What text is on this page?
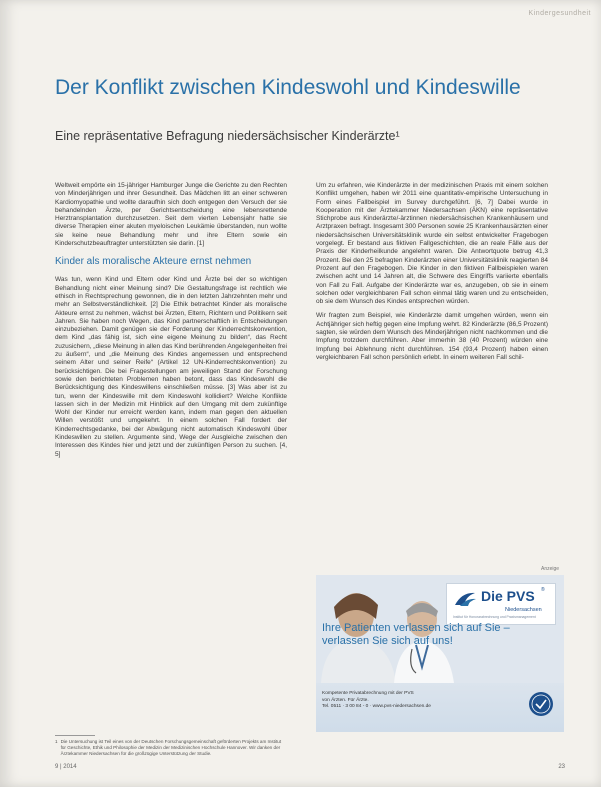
Kindergesundheit
Der Konflikt zwischen Kindeswohl und Kindeswille
Eine repräsentative Befragung niedersächsischer Kinderärzte¹

Weltweit empörte ein 15-jähriger Hamburger Junge die Gerichte zu den Rechten von Minderjährigen und ihrer Gesundheit. Das Mädchen litt an einer schweren Kardiomyopathie und wollte daraufhin sich doch entgegen den Versuch der sie behandelnden Ärzte, per Gerichtsentscheidung eine lebensrettende Herztransplantation durchzusetzen. Seit dem vierten Lebensjahr hatte sie diverse Therapien einer akuten myeloischen Leukämie überstanden, nun wollte sie keine neue Behandlung mehr und ihre Eltern sowie ein Kinderschutzbeauftragter unterstützten sie darin. [1]

Kinder als moralische Akteure ernst nehmen

Was tun, wenn Kind und Eltern oder Kind und Ärzte bei der so wichtigen Behandlung nicht einer Meinung sind? Die Gestaltungsfrage ist rechtlich wie ethisch in Rechtsprechung gewonnen, die in den letzten Jahrzehnten mehr und mehr an Selbstverständlichkeit. [2] Die Ethik betrachtet Kinder als moralische Akteure ernst zu nehmen, wächst bei Ärzten, Eltern, Richtern und Politikern seit Jahren. Sie haben noch Wegen, das Kind partnerschaftlich in Entscheidungen einzubeziehen. Damit genügen sie der Forderung der Kinderrechtskonvention, dem Kind „das fähig ist, sich eine eigene Meinung zu bilden“, das Recht zuzusichern, „diese Meinung in allen das Kind berührenden Angelegenheiten frei zu äußern“, und „die Meinung des Kindes angemessen und entsprechend seinem Alter und seiner Reife“ (Artikel 12 UN-Kinderrechtskonvention) zu berücksichtigen. Die bei Fragestellungen am jeweiligen Stand der Forschung sowie den berichteten Problemen haben betont, dass das Kindeswohl die Berücksichtigung des Kindeswillens einschließen müsse. [3] Was aber ist zu tun, wenn der Kindeswille mit dem Kindeswohl kollidiert? Welche Konflikte lassen sich in der Medizin mit Hinblick auf den Umgang mit dem zukünftige Wohl der Kinder nur erreicht werden kann, indem man gegen den aktuellen Willen verstößt und umgekehrt. In einem solchen Fall fordert der Kinderrechtsgedanke, bei der Abwägung nicht automatisch Kindeswohl über Kindeswillen zu stellen. Argumente sind, Wege der Ausgleiche zwischen den Interessen des Kindes hier und jetzt und der zukünftigen Person zu suchen. [4, 5]

Um zu erfahren, wie Kinderärzte in der medizinischen Praxis mit einem solchen Konflikt umgehen, haben wir 2011 eine quantitativ-empirische Untersuchung in Form eines Fallbeispiel im Survey durchgeführt. [6, 7] Dabei wurde in Kooperation mit der Ärztekammer Niedersachsen (ÄKN) eine repräsentative Stichprobe aus Kinderärzte/-ärztinnen niedersächsischen Krankenhäusern und Arztpraxen befragt. Insgesamt 300 Personen sowie 25 Krankenhausärzten einer niedersächsischen Universitätsklinik wurde ein selbst entwickelter Fragebogen vorgelegt. Er bestand aus fiktiven Fallgeschichten, die an reale Fälle aus der Praxis der Kinderheilkunde angelehnt waren. Die Antwortquote betrug 41,3 Prozent. Bei den 25 befragten Kinderärzten einer Universitätsklinik reagierten 84 Prozent auf den Fragebogen. Die Kinder in den fiktiven Fallbeispielen waren zwischen acht und 14 Jahren alt, die Schwere des Eingriffs variierte ebenfalls von Fall zu Fall. Aufgabe der Kinderärzte war es, anzugeben, ob sie in einem solchen oder vergleichbaren Fall schon einmal tätig waren und zu entscheiden, ob sie dem Wunsch des Kindes entsprechen würden.

Wir fragten zum Beispiel, wie Kinderärzte damit umgehen würden, wenn ein Achtjähriger sich heftig gegen eine Impfung wehrt. 82 Kinderärzte (86,5 Prozent) sagten, sie würden dem Wunsch des Minderjährigen nicht nachkommen und die Impfung trotzdem durchführen. Aber immerhin 38 (40 Prozent) würden eine Impfung bei Ablehnung nicht durchführen. 154 (93,4 Prozent) haben einen vergleichbaren Fall schon persönlich erlebt. In einem weiteren Fall schil-

1 Die Untersuchung ist Teil eines von der Deutschen Forschungsgemeinschaft geförderten Projekts am Institut für Geschichte, Ethik und Philosophie der Medizin der Medizinischen Hochschule Hannover. Wir danken der Ärztekammer Niedersachsen für die großzügige Unterstützung der Studie.
Anzeige
Die PVS ®
Niedersachsen
Institut für Honorarabrechnung und Praxismanagement
Ihre Patienten verlassen sich auf Sie –
verlassen Sie sich auf uns!
Kompetente Privatabrechnung mit der PVS
von Ärzten. Für Ärzte.
Tel. 0511 · 3 00 84 - 0 · www.pvs-niedersachsen.de
9 | 2014	23
